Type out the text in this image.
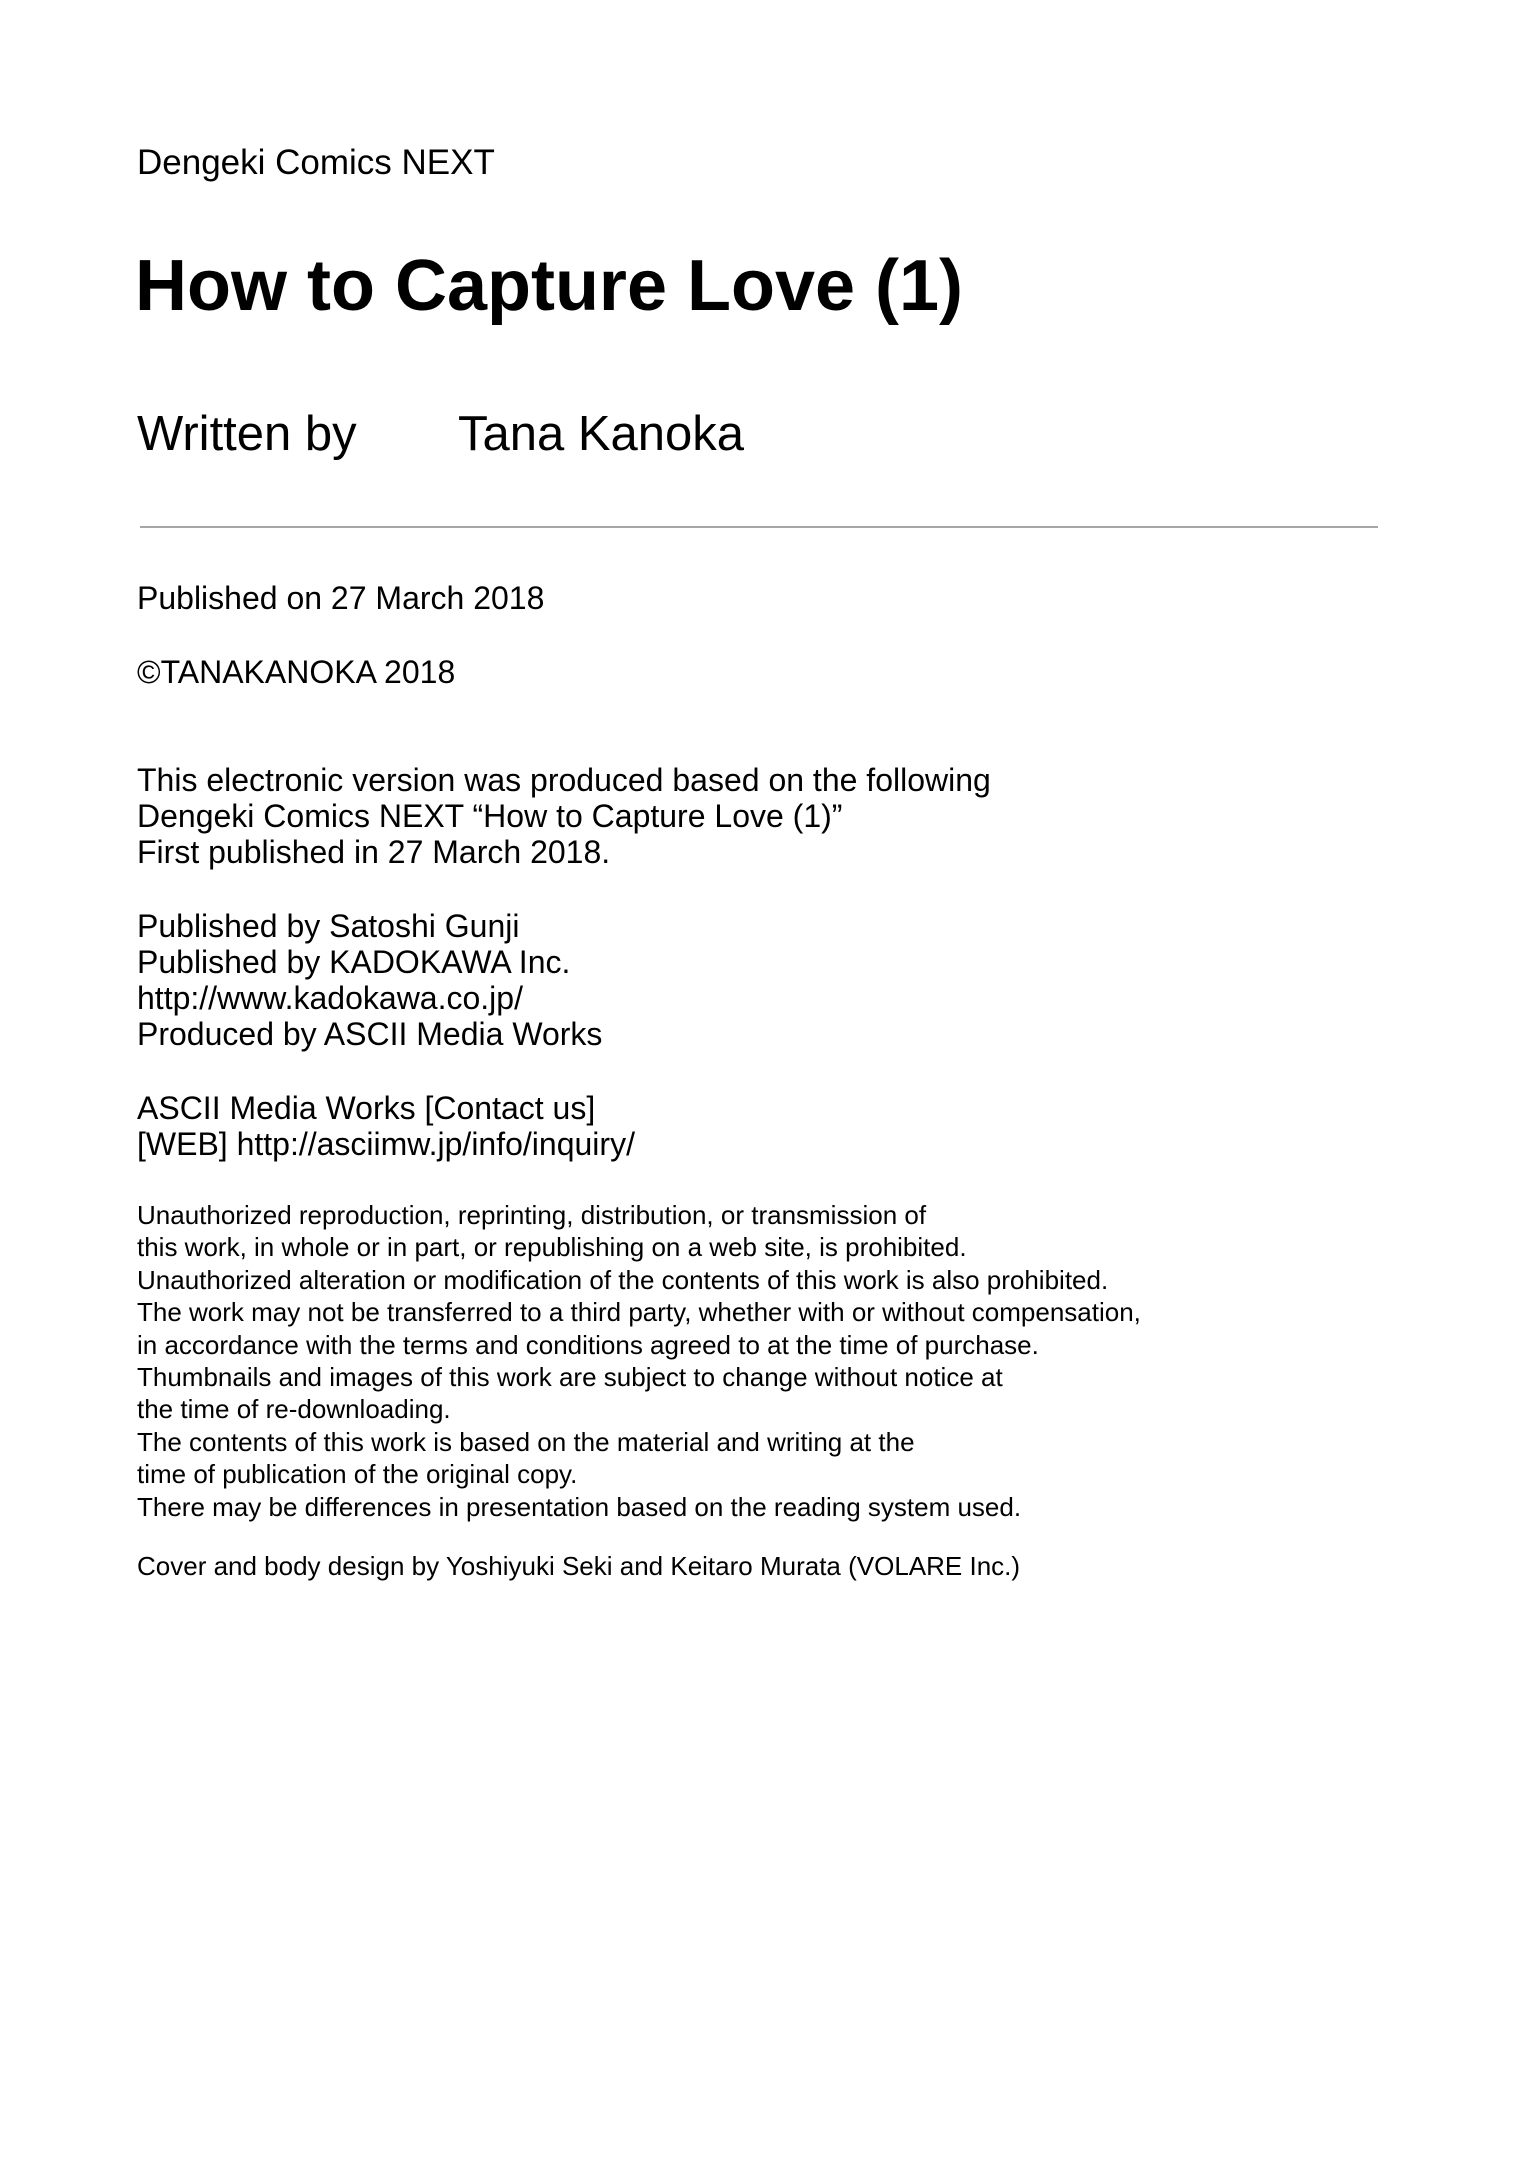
Dengeki Comics NEXT
How to Capture Love (1)
Written by Tana Kanoka
Published on 27 March 2018
©TANAKANOKA 2018
This electronic version was produced based on the following
Dengeki Comics NEXT “How to Capture Love (1)”
First published in 27 March 2018.
Published by Satoshi Gunji
Published by KADOKAWA Inc.
http://www.kadokawa.co.jp/
Produced by ASCII Media Works
ASCII Media Works [Contact us]
[WEB] http://asciimw.jp/info/inquiry/
Unauthorized reproduction, reprinting, distribution, or transmission of
this work, in whole or in part, or republishing on a web site, is prohibited.
Unauthorized alteration or modification of the contents of this work is also prohibited.
The work may not be transferred to a third party, whether with or without compensation,
in accordance with the terms and conditions agreed to at the time of purchase.
Thumbnails and images of this work are subject to change without notice at
the time of re-downloading.
The contents of this work is based on the material and writing at the
time of publication of the original copy.
There may be differences in presentation based on the reading system used.
Cover and body design by Yoshiyuki Seki and Keitaro Murata (VOLARE Inc.)
